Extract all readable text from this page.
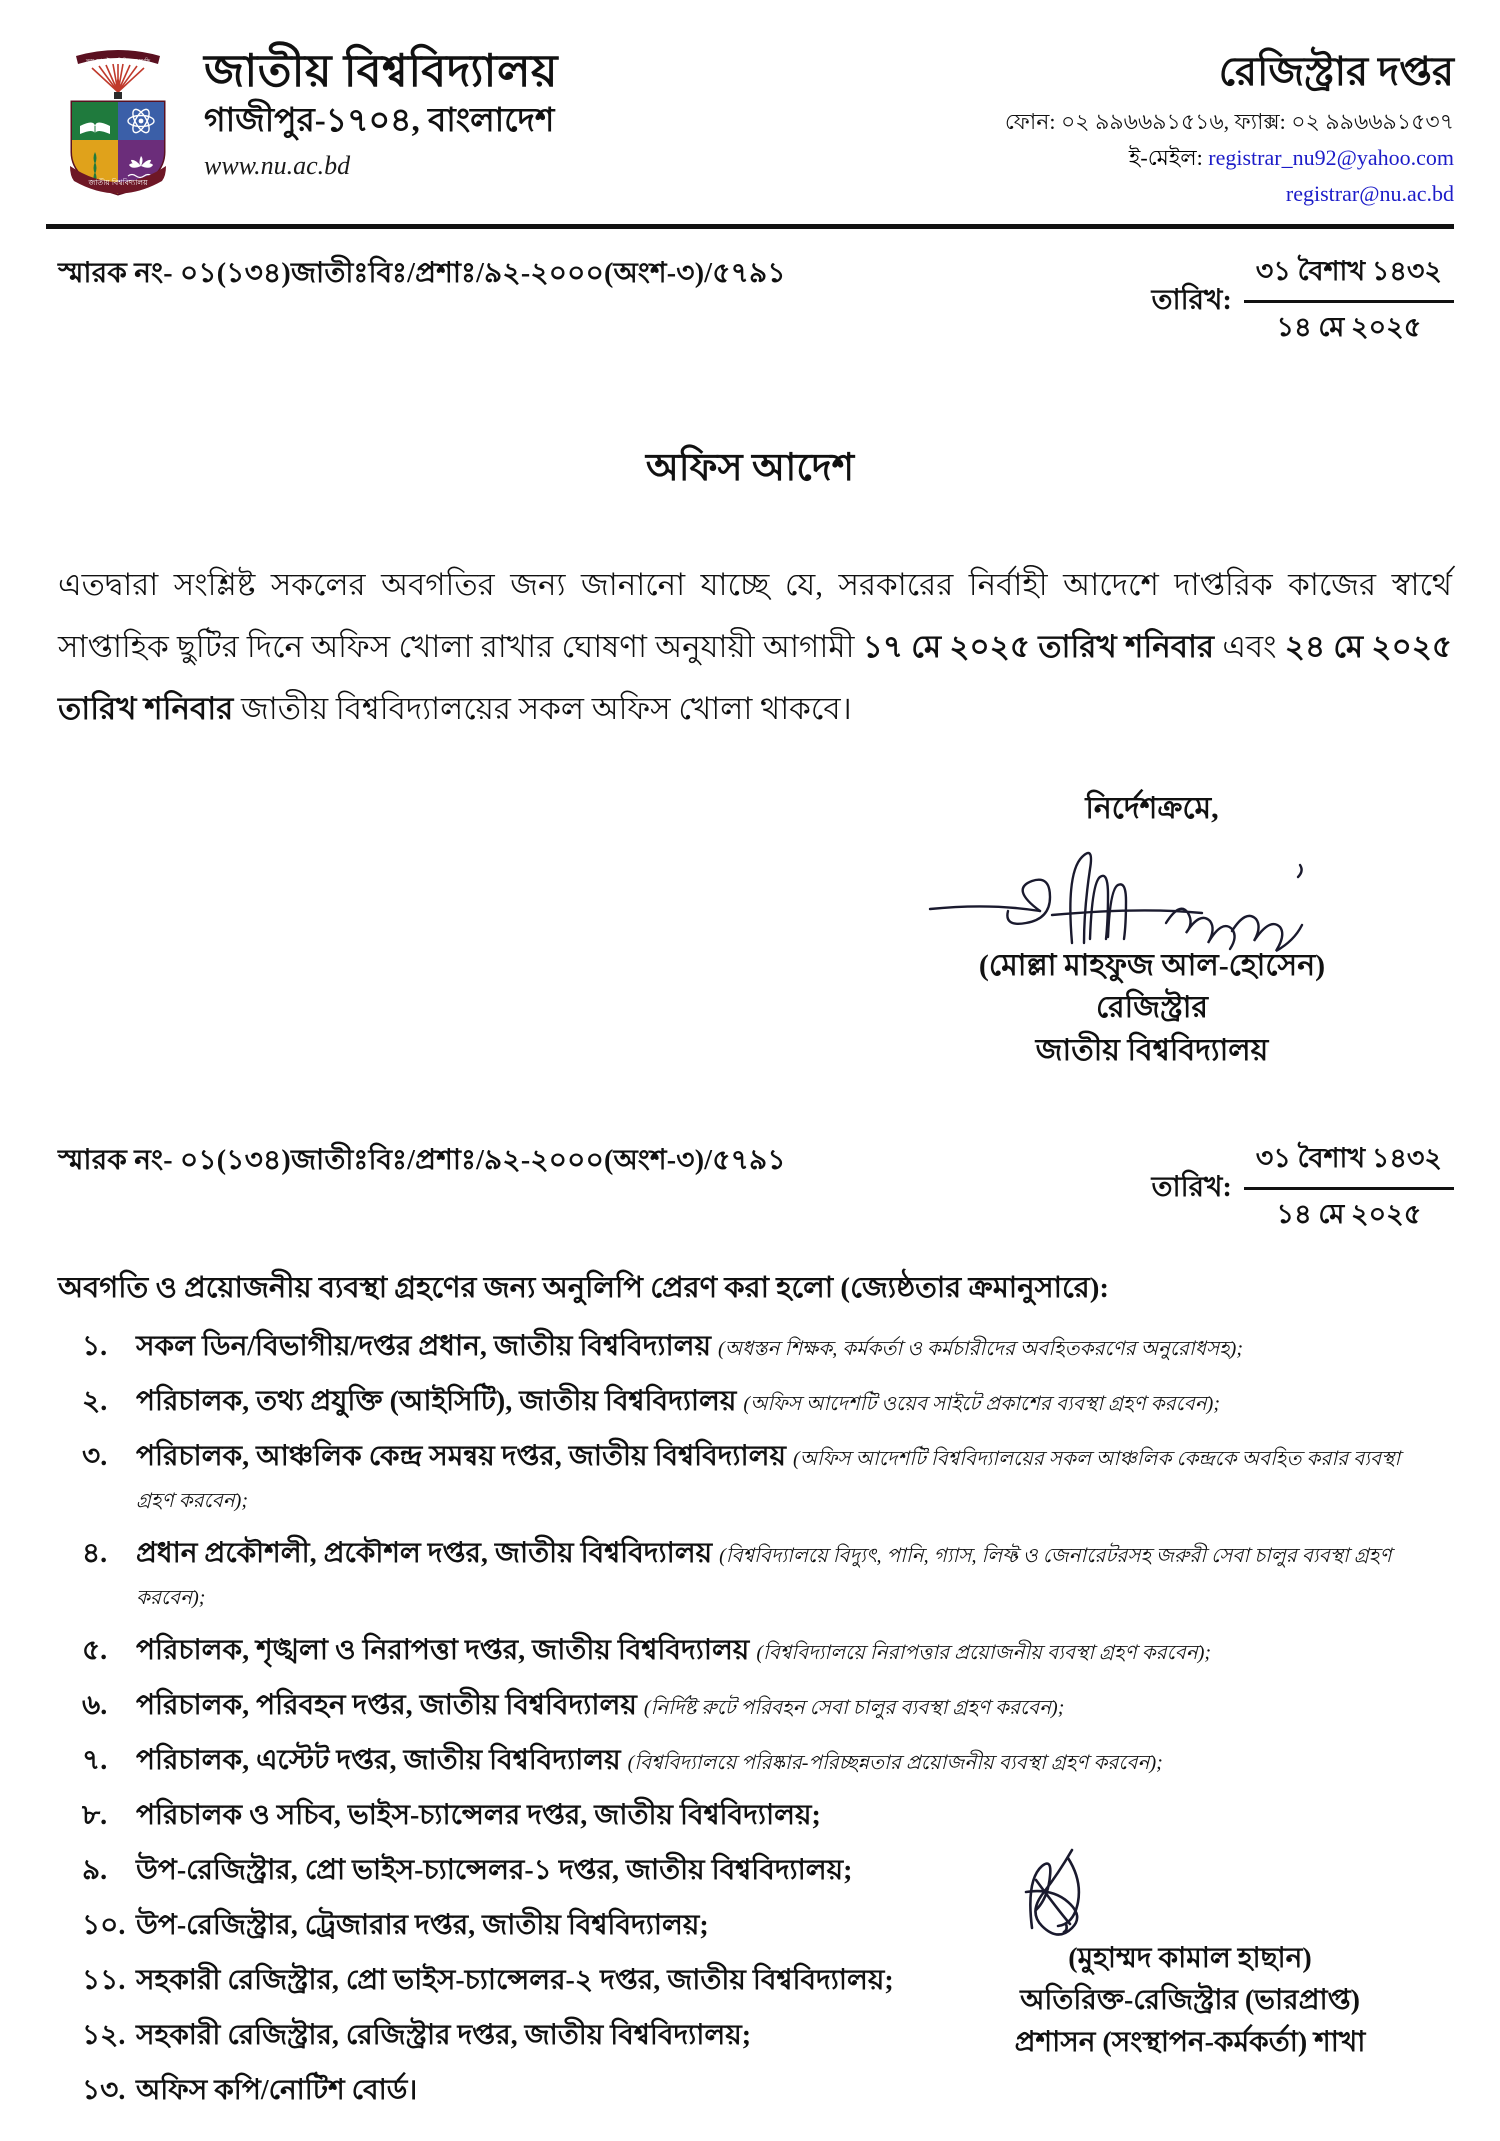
সত্য জ্ঞান উপর ভিত্তি করে সমৃদ্ধি
জাতীয় বিশ্ববিদ্যালয়
জাতীয় বিশ্ববিদ্যালয়
গাজীপুর-১৭০৪, বাংলাদেশ
www.nu.ac.bd
রেজিস্ট্রার দপ্তর
ফোন: ০২ ৯৯৬৬৯১৫১৬, ফ্যাক্স: ০২ ৯৯৬৬৯১৫৩৭
ই-মেইল: registrar_nu92@yahoo.com
registrar@nu.ac.bd
স্মারক নং- ০১(১৩৪)জাতীঃবিঃ/প্রশাঃ/৯২-২০০০(অংশ-৩)/৫৭৯১
তারিখ:
৩১ বৈশাখ ১৪৩২
১৪ মে ২০২৫
অফিস আদেশ
এতদ্বারা সংশ্লিষ্ট সকলের অবগতির জন্য জানানো যাচ্ছে যে, সরকারের নির্বাহী আদেশে দাপ্তরিক কাজের স্বার্থে সাপ্তাহিক ছুটির দিনে অফিস খোলা রাখার ঘোষণা অনুযায়ী আগামী ১৭ মে ২০২৫ তারিখ শনিবার এবং ২৪ মে ২০২৫ তারিখ শনিবার জাতীয় বিশ্ববিদ্যালয়ের সকল অফিস খোলা থাকবে।
নির্দেশক্রমে,
(মোল্লা মাহফুজ আল-হোসেন)
রেজিস্ট্রার
জাতীয় বিশ্ববিদ্যালয়
স্মারক নং- ০১(১৩৪)জাতীঃবিঃ/প্রশাঃ/৯২-২০০০(অংশ-৩)/৫৭৯১
তারিখ:
৩১ বৈশাখ ১৪৩২
১৪ মে ২০২৫
অবগতি ও প্রয়োজনীয় ব্যবস্থা গ্রহণের জন্য অনুলিপি প্রেরণ করা হলো (জ্যেষ্ঠতার ক্রমানুসারে):
১.	সকল ডিন/বিভাগীয়/দপ্তর প্রধান, জাতীয় বিশ্ববিদ্যালয় (অধস্তন শিক্ষক, কর্মকর্তা ও কর্মচারীদের অবহিতকরণের অনুরোধসহ);
২.	পরিচালক, তথ্য প্রযুক্তি (আইসিটি), জাতীয় বিশ্ববিদ্যালয় (অফিস আদেশটি ওয়েব সাইটে প্রকাশের ব্যবস্থা গ্রহণ করবেন);
৩.	পরিচালক, আঞ্চলিক কেন্দ্র সমন্বয় দপ্তর, জাতীয় বিশ্ববিদ্যালয় (অফিস আদেশটি বিশ্ববিদ্যালয়ের সকল আঞ্চলিক কেন্দ্রকে অবহিত করার ব্যবস্থা গ্রহণ করবেন);
৪.	প্রধান প্রকৌশলী, প্রকৌশল দপ্তর, জাতীয় বিশ্ববিদ্যালয় (বিশ্ববিদ্যালয়ে বিদ্যুৎ, পানি, গ্যাস, লিফ্ট ও জেনারেটরসহ জরুরী সেবা চালুর ব্যবস্থা গ্রহণ করবেন);
৫.	পরিচালক, শৃঙ্খলা ও নিরাপত্তা দপ্তর, জাতীয় বিশ্ববিদ্যালয় (বিশ্ববিদ্যালয়ে নিরাপত্তার প্রয়োজনীয় ব্যবস্থা গ্রহণ করবেন);
৬.	পরিচালক, পরিবহন দপ্তর, জাতীয় বিশ্ববিদ্যালয় (নির্দিষ্ট রুটে পরিবহন সেবা চালুর ব্যবস্থা গ্রহণ করবেন);
৭.	পরিচালক, এস্টেট দপ্তর, জাতীয় বিশ্ববিদ্যালয় (বিশ্ববিদ্যালয়ে পরিষ্কার-পরিচ্ছন্নতার প্রয়োজনীয় ব্যবস্থা গ্রহণ করবেন);
৮.	পরিচালক ও সচিব, ভাইস-চ্যান্সেলর দপ্তর, জাতীয় বিশ্ববিদ্যালয়;
৯.	উপ-রেজিস্ট্রার, প্রো ভাইস-চ্যান্সেলর-১ দপ্তর, জাতীয় বিশ্ববিদ্যালয়;
১০. উপ-রেজিস্ট্রার, ট্রেজারার দপ্তর, জাতীয় বিশ্ববিদ্যালয়;
১১. সহকারী রেজিস্ট্রার, প্রো ভাইস-চ্যান্সেলর-২ দপ্তর, জাতীয় বিশ্ববিদ্যালয়;
১২. সহকারী রেজিস্ট্রার, রেজিস্ট্রার দপ্তর, জাতীয় বিশ্ববিদ্যালয়;
১৩. অফিস কপি/নোটিশ বোর্ড।
(মুহাম্মদ কামাল হাছান)
অতিরিক্ত-রেজিস্ট্রার (ভারপ্রাপ্ত)
প্রশাসন (সংস্থাপন-কর্মকর্তা) শাখা
